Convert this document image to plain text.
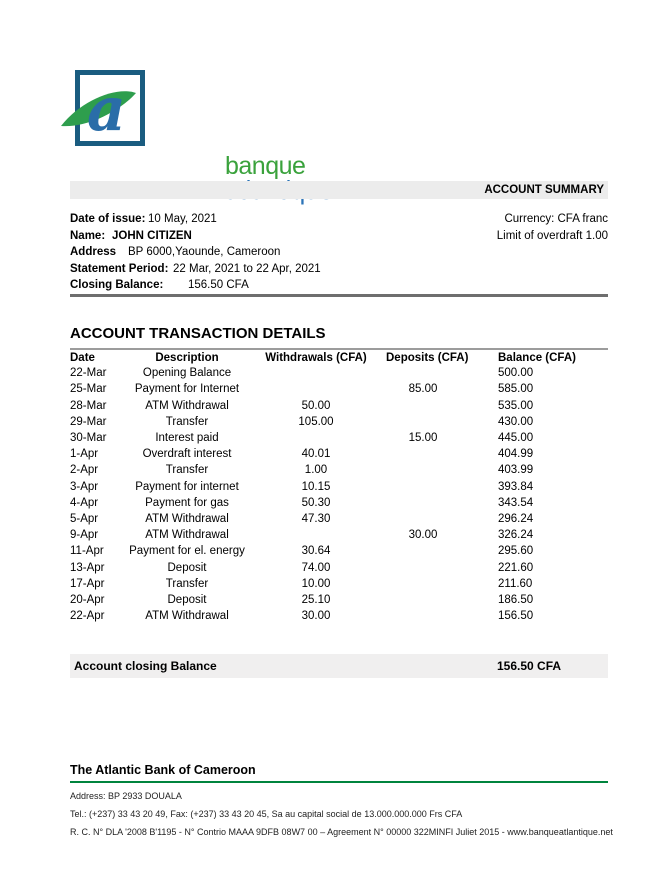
a
banque
ACCOUNT SUMMARY
Date of issue: 10 May, 2021
Name: JOHN CITIZEN
Address	BP 6000,Yaounde, Cameroon
Statement Period: 22 Mar, 2021 to 22 Apr, 2021
Closing Balance:	156.50 CFA
Currency: CFA franc
Limit of overdraft 1.00
ACCOUNT TRANSACTION DETAILS
Date	Description	Withdrawals (CFA)	Deposits (CFA)	Balance (CFA)
22-Mar	Opening Balance			500.00
25-Mar	Payment for Internet		85.00	585.00
28-Mar	ATM Withdrawal	50.00		535.00
29-Mar	Transfer	105.00		430.00
30-Mar	Interest paid		15.00	445.00
1-Apr	Overdraft interest	40.01		404.99
2-Apr	Transfer	1.00		403.99
3-Apr	Payment for internet	10.15		393.84
4-Apr	Payment for gas	50.30		343.54
5-Apr	ATM Withdrawal	47.30		296.24
9-Apr	ATM Withdrawal		30.00	326.24
11-Apr	Payment for el. energy	30.64		295.60
13-Apr	Deposit	74.00		221.60
17-Apr	Transfer	10.00		211.60
20-Apr	Deposit	25.10		186.50
22-Apr	ATM Withdrawal	30.00		156.50
Account closing Balance	156.50 CFA
The Atlantic Bank of Cameroon
Address: BP 2933 DOUALA
Tel.: (+237) 33 43 20 49, Fax: (+237) 33 43 20 45, Sa au capital social de 13.000.000.000 Frs CFA
R. C. N° DLA '2008 B'1195 - N° Contrio MAAA 9DFB 08W7 00 – Agreement N° 00000 322MINFI Juliet 2015 - www.banqueatlantique.net
